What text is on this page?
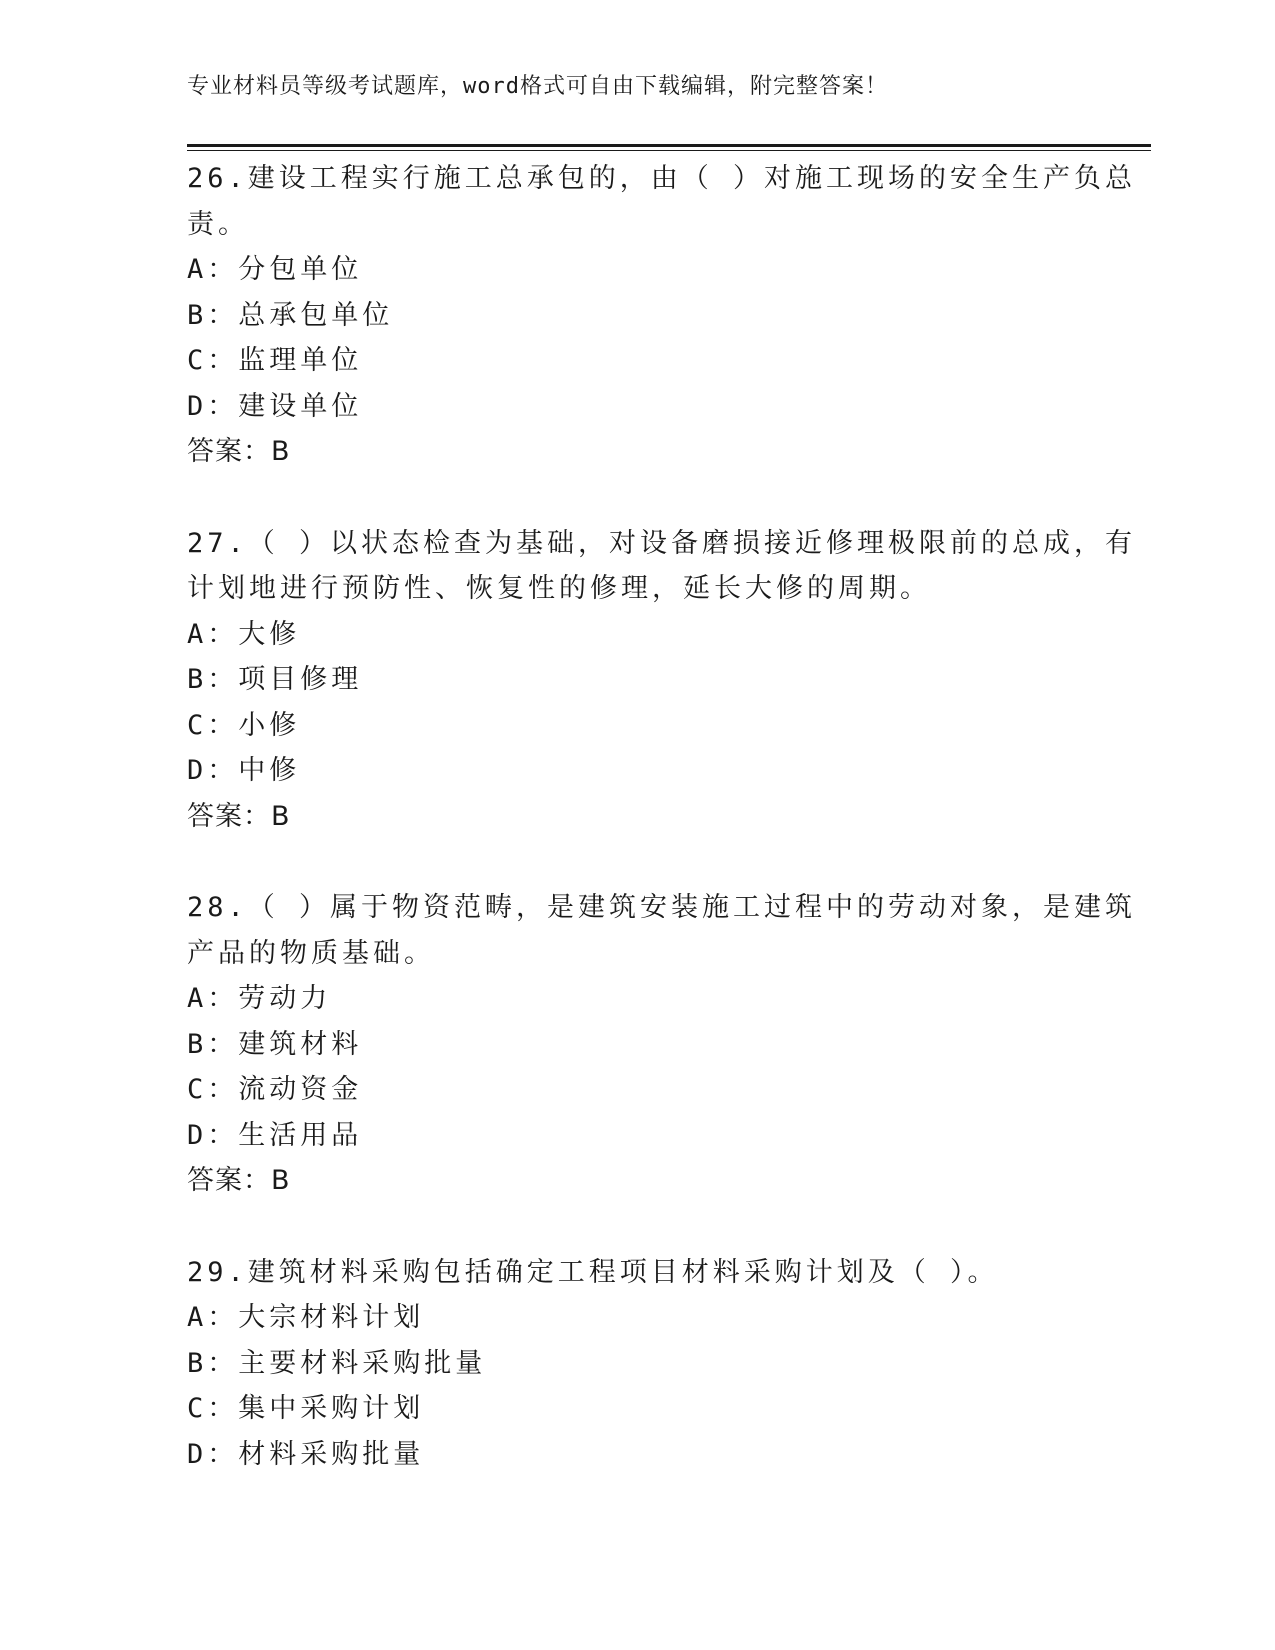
专业材料员等级考试题库，word格式可自由下载编辑，附完整答案！
26.建设工程实行施工总承包的，由（ ）对施工现场的安全生产负总
责。
A：分包单位
B：总承包单位
C：监理单位
D：建设单位
答案：B
27.（ ）以状态检查为基础，对设备磨损接近修理极限前的总成，有
计划地进行预防性、恢复性的修理，延长大修的周期。
A：大修
B：项目修理
C：小修
D：中修
答案：B
28.（ ）属于物资范畴，是建筑安装施工过程中的劳动对象，是建筑
产品的物质基础。
A：劳动力
B：建筑材料
C：流动资金
D：生活用品
答案：B
29.建筑材料采购包括确定工程项目材料采购计划及（ ）。
A：大宗材料计划
B：主要材料采购批量
C：集中采购计划
D：材料采购批量
